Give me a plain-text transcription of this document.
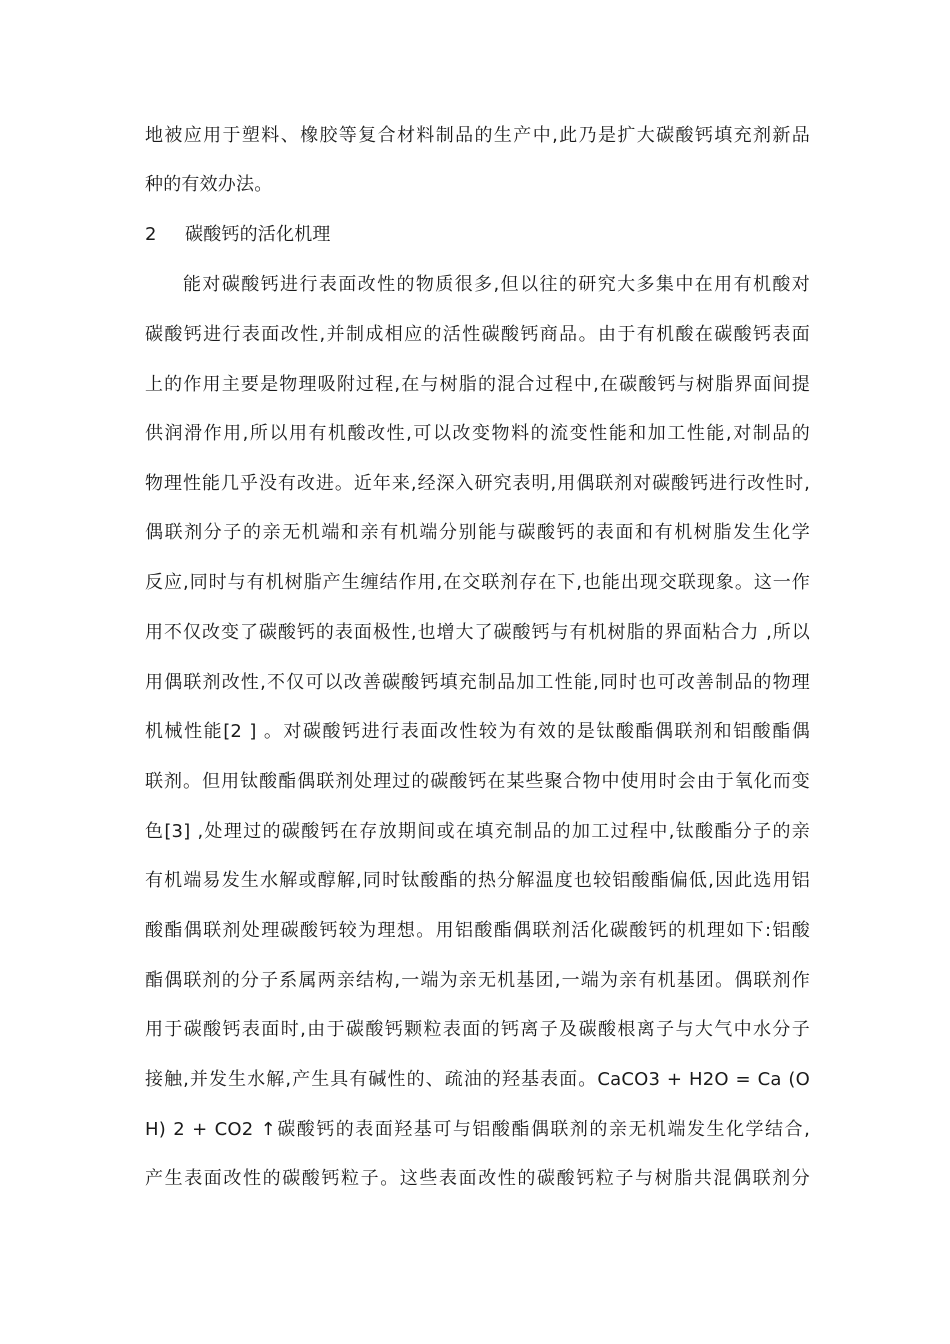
地被应用于塑料、橡胶等复合材料制品的生产中,此乃是扩大碳酸钙填充剂新品
种的有效办法。
2 碳酸钙的活化机理
能对碳酸钙进行表面改性的物质很多,但以往的研究大多集中在用有机酸对
碳酸钙进行表面改性,并制成相应的活性碳酸钙商品。由于有机酸在碳酸钙表面
上的作用主要是物理吸附过程,在与树脂的混合过程中,在碳酸钙与树脂界面间提
供润滑作用,所以用有机酸改性,可以改变物料的流变性能和加工性能,对制品的
物理性能几乎没有改进。近年来,经深入研究表明,用偶联剂对碳酸钙进行改性时,
偶联剂分子的亲无机端和亲有机端分别能与碳酸钙的表面和有机树脂发生化学
反应,同时与有机树脂产生缠结作用,在交联剂存在下,也能出现交联现象。这一作
用不仅改变了碳酸钙的表面极性,也增大了碳酸钙与有机树脂的界面粘合力 ,所以
用偶联剂改性,不仅可以改善碳酸钙填充制品加工性能,同时也可改善制品的物理
机械性能[2 ] 。对碳酸钙进行表面改性较为有效的是钛酸酯偶联剂和铝酸酯偶
联剂。但用钛酸酯偶联剂处理过的碳酸钙在某些聚合物中使用时会由于氧化而变
色[3] ,处理过的碳酸钙在存放期间或在填充制品的加工过程中,钛酸酯分子的亲
有机端易发生水解或醇解,同时钛酸酯的热分解温度也较铝酸酯偏低,因此选用铝
酸酯偶联剂处理碳酸钙较为理想。用铝酸酯偶联剂活化碳酸钙的机理如下:铝酸
酯偶联剂的分子系属两亲结构,一端为亲无机基团,一端为亲有机基团。偶联剂作
用于碳酸钙表面时,由于碳酸钙颗粒表面的钙离子及碳酸根离子与大气中水分子
接触,并发生水解,产生具有碱性的、疏油的羟基表面。CaCO3 + H2O = Ca (O
H) 2 + CO2 ↑碳酸钙的表面羟基可与铝酸酯偶联剂的亲无机端发生化学结合,
产生表面改性的碳酸钙粒子。这些表面改性的碳酸钙粒子与树脂共混偶联剂分
